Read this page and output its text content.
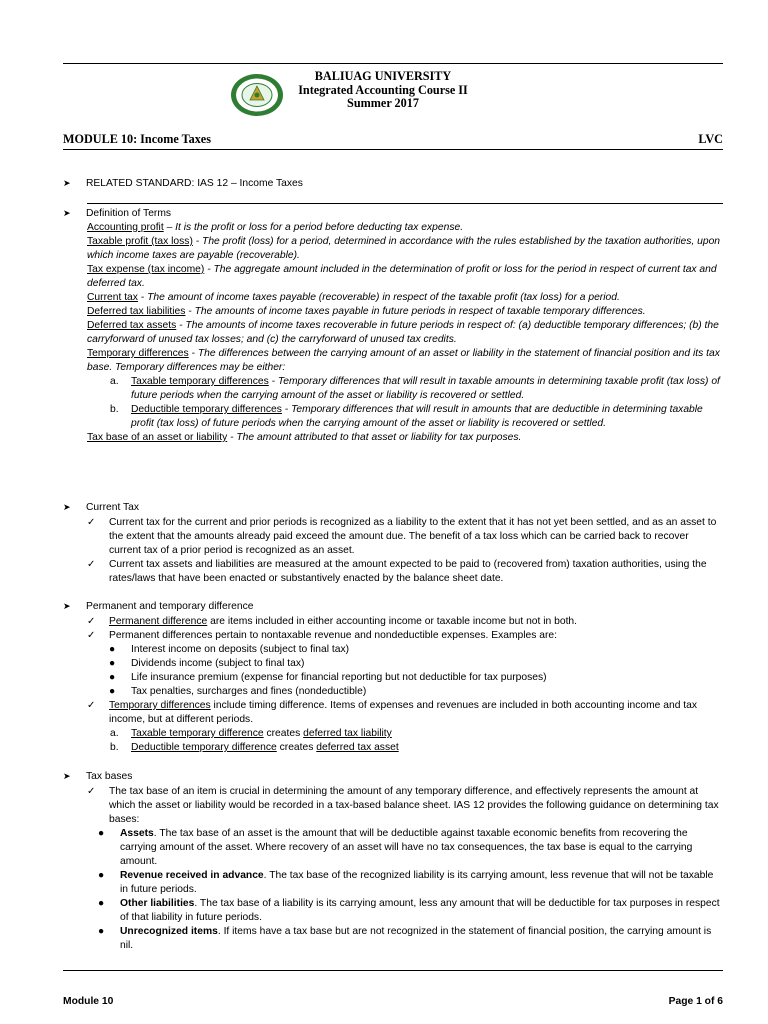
BALIUAG UNIVERSITY
Integrated Accounting Course II
Summer 2017
MODULE 10: Income Taxes	LVC
➤ RELATED STANDARD: IAS 12 – Income Taxes
➤ Definition of Terms

Accounting profit – It is the profit or loss for a period before deducting tax expense.

Taxable profit (tax loss) - The profit (loss) for a period, determined in accordance with the rules established by the taxation authorities, upon which income taxes are payable (recoverable).

Tax expense (tax income) - The aggregate amount included in the determination of profit or loss for the period in respect of current tax and deferred tax.

Current tax - The amount of income taxes payable (recoverable) in respect of the taxable profit (tax loss) for a period.

Deferred tax liabilities - The amounts of income taxes payable in future periods in respect of taxable temporary differences.

Deferred tax assets - The amounts of income taxes recoverable in future periods in respect of: (a) deductible temporary differences; (b) the carryforward of unused tax losses; and (c) the carryforward of unused tax credits.

Temporary differences - The differences between the carrying amount of an asset or liability in the statement of financial position and its tax base. Temporary differences may be either:

a. Taxable temporary differences - Temporary differences that will result in taxable amounts in determining taxable profit (tax loss) of future periods when the carrying amount of the asset or liability is recovered or settled.

b. Deductible temporary differences - Temporary differences that will result in amounts that are deductible in determining taxable profit (tax loss) of future periods when the carrying amount of the asset or liability is recovered or settled.

Tax base of an asset or liability - The amount attributed to that asset or liability for tax purposes.

➤ Current Tax

✓ Current tax for the current and prior periods is recognized as a liability to the extent that it has not yet been settled, and as an asset to the extent that the amounts already paid exceed the amount due. The benefit of a tax loss which can be carried back to recover current tax of a prior period is recognized as an asset.

✓ Current tax assets and liabilities are measured at the amount expected to be paid to (recovered from) taxation authorities, using the rates/laws that have been enacted or substantively enacted by the balance sheet date.

➤ Permanent and temporary difference

✓ Permanent difference are items included in either accounting income or taxable income but not in both.

✓ Permanent differences pertain to nontaxable revenue and nondeductible expenses. Examples are:

● Interest income on deposits (subject to final tax)

● Dividends income (subject to final tax)

● Life insurance premium (expense for financial reporting but not deductible for tax purposes)

● Tax penalties, surcharges and fines (nondeductible)

✓ Temporary differences include timing difference. Items of expenses and revenues are included in both accounting income and tax income, but at different periods.

a. Taxable temporary difference creates deferred tax liability

b. Deductible temporary difference creates deferred tax asset

➤ Tax bases

✓ The tax base of an item is crucial in determining the amount of any temporary difference, and effectively represents the amount at which the asset or liability would be recorded in a tax-based balance sheet. IAS 12 provides the following guidance on determining tax bases:

● Assets. The tax base of an asset is the amount that will be deductible against taxable economic benefits from recovering the carrying amount of the asset. Where recovery of an asset will have no tax consequences, the tax base is equal to the carrying amount.

● Revenue received in advance. The tax base of the recognized liability is its carrying amount, less revenue that will not be taxable in future periods.

● Other liabilities. The tax base of a liability is its carrying amount, less any amount that will be deductible for tax purposes in respect of that liability in future periods.

● Unrecognized items. If items have a tax base but are not recognized in the statement of financial position, the carrying amount is nil.

Module 10	Page 1 of 6
